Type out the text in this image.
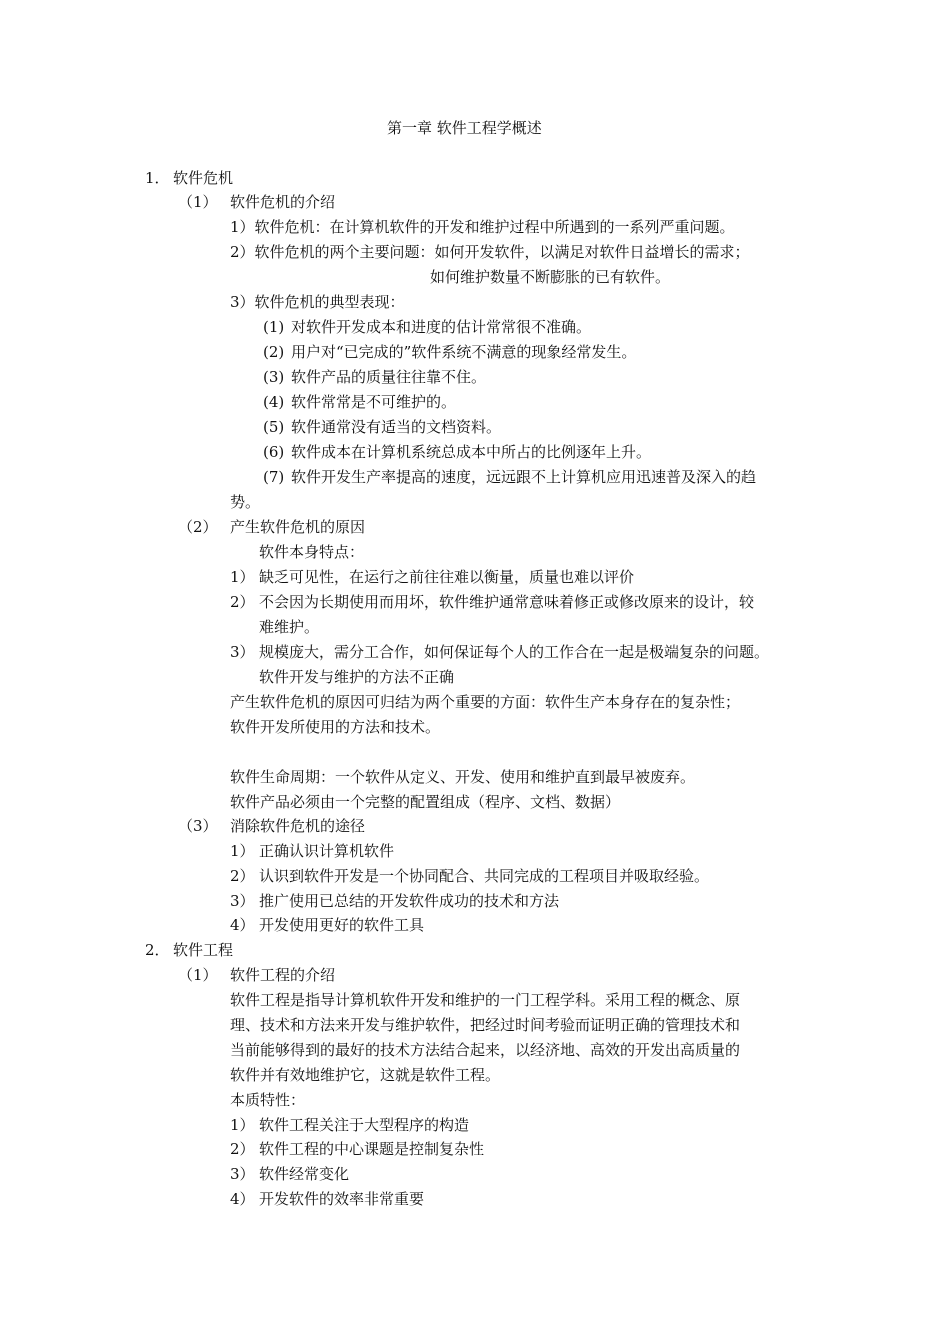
第一章 软件工程学概述
1． 软件危机
（1） 软件危机的介绍
1）软件危机：在计算机软件的开发和维护过程中所遇到的一系列严重问题。
2）软件危机的两个主要问题：如何开发软件，以满足对软件日益增长的需求；
如何维护数量不断膨胀的已有软件。
3）软件危机的典型表现：
(1) 对软件开发成本和进度的估计常常很不准确。
(2) 用户对“已完成的”软件系统不满意的现象经常发生。
(3) 软件产品的质量往往靠不住。
(4) 软件常常是不可维护的。
(5) 软件通常没有适当的文档资料。
(6) 软件成本在计算机系统总成本中所占的比例逐年上升。
(7) 软件开发生产率提高的速度，远远跟不上计算机应用迅速普及深入的趋
势。
（2） 产生软件危机的原因
软件本身特点：
1） 缺乏可见性，在运行之前往往难以衡量，质量也难以评价
2） 不会因为长期使用而用坏，软件维护通常意味着修正或修改原来的设计，较
难维护。
3） 规模庞大，需分工合作，如何保证每个人的工作合在一起是极端复杂的问题。
软件开发与维护的方法不正确
产生软件危机的原因可归结为两个重要的方面：软件生产本身存在的复杂性；
软件开发所使用的方法和技术。
软件生命周期：一个软件从定义、开发、使用和维护直到最早被废弃。
软件产品必须由一个完整的配置组成（程序、文档、数据）
（3） 消除软件危机的途径
1） 正确认识计算机软件
2） 认识到软件开发是一个协同配合、共同完成的工程项目并吸取经验。
3） 推广使用已总结的开发软件成功的技术和方法
4） 开发使用更好的软件工具
2． 软件工程
（1） 软件工程的介绍
软件工程是指导计算机软件开发和维护的一门工程学科。采用工程的概念、原
理、技术和方法来开发与维护软件，把经过时间考验而证明正确的管理技术和
当前能够得到的最好的技术方法结合起来，以经济地、高效的开发出高质量的
软件并有效地维护它，这就是软件工程。
本质特性：
1） 软件工程关注于大型程序的构造
2） 软件工程的中心课题是控制复杂性
3） 软件经常变化
4） 开发软件的效率非常重要
